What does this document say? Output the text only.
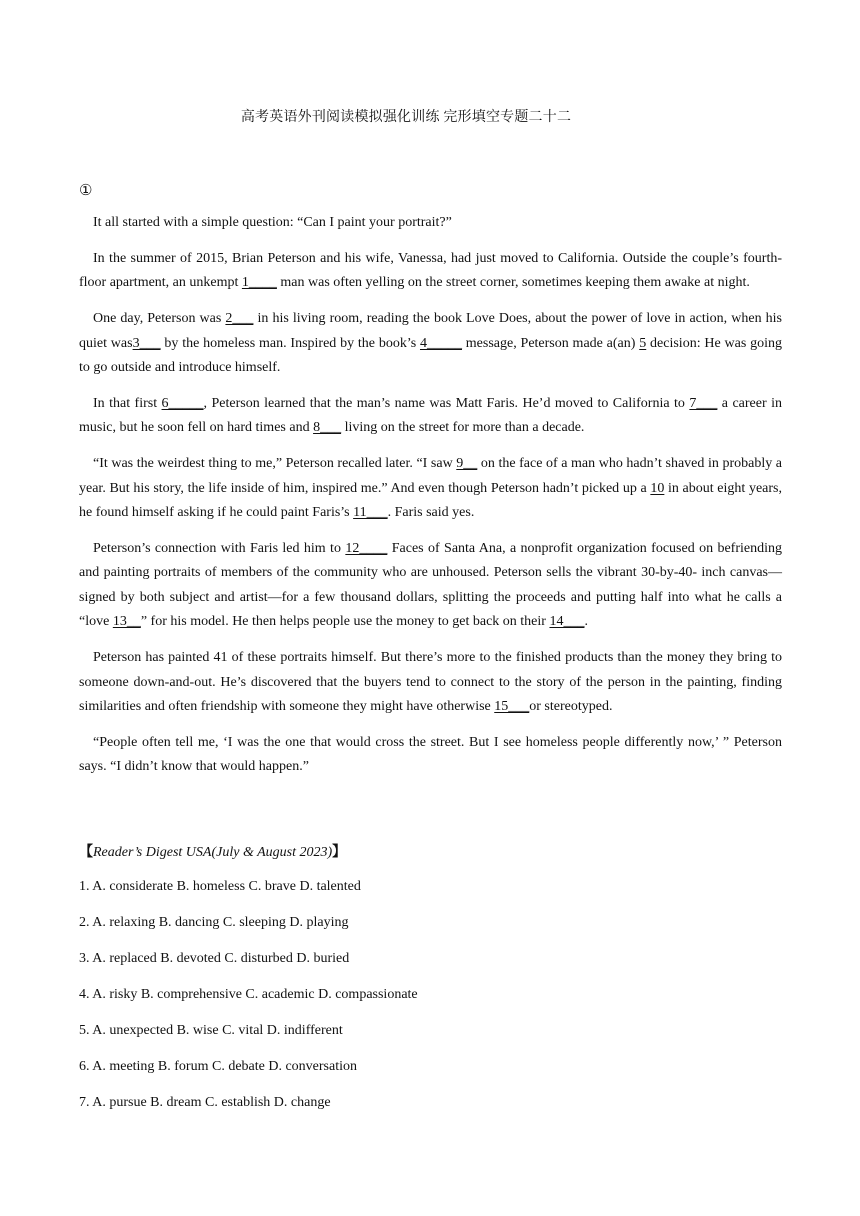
高考英语外刊阅读模拟强化训练 完形填空专题二十二
①

It all started with a simple question: “Can I paint your portrait?”

In the summer of 2015, Brian Peterson and his wife, Vanessa, had just moved to California. Outside the couple’s fourth-floor apartment, an unkempt 1____ man was often yelling on the street corner, sometimes keeping them awake at night.

One day, Peterson was 2___ in his living room, reading the book Love Does, about the power of love in action, when his quiet was3___ by the homeless man. Inspired by the book’s 4_____ message, Peterson made a(an) 5 decision: He was going to go outside and introduce himself.

In that first 6_____, Peterson learned that the man’s name was Matt Faris. He’d moved to California to 7___ a career in music, but he soon fell on hard times and 8___ living on the street for more than a decade.

“It was the weirdest thing to me,” Peterson recalled later. “I saw 9__ on the face of a man who hadn’t shaved in probably a year. But his story, the life inside of him, inspired me.” And even though Peterson hadn’t picked up a 10 in about eight years, he found himself asking if he could paint Faris’s 11___. Faris said yes.

Peterson’s connection with Faris led him to 12____ Faces of Santa Ana, a nonprofit organization focused on befriending and painting portraits of members of the community who are unhoused. Peterson sells the vibrant 30-by-40- inch canvas—signed by both subject and artist—for a few thousand dollars, splitting the proceeds and putting half into what he calls a “love 13__” for his model. He then helps people use the money to get back on their 14___.

Peterson has painted 41 of these portraits himself. But there’s more to the finished products than the money they bring to someone down-and-out. He’s discovered that the buyers tend to connect to the story of the person in the painting, finding similarities and often friendship with someone they might have otherwise 15___or stereotyped.

“People often tell me, ‘I was the one that would cross the street. But I see homeless people differently now,’ ” Peterson says. “I didn’t know that would happen.”

【Reader’s Digest USA(July & August 2023)】
1. A. considerate B. homeless C. brave D. talented
2. A. relaxing B. dancing C. sleeping D. playing
3. A. replaced B. devoted C. disturbed D. buried
4. A. risky B. comprehensive C. academic D. compassionate
5. A. unexpected B. wise C. vital D. indifferent
6. A. meeting B. forum C. debate D. conversation
7. A. pursue B. dream C. establish D. change
